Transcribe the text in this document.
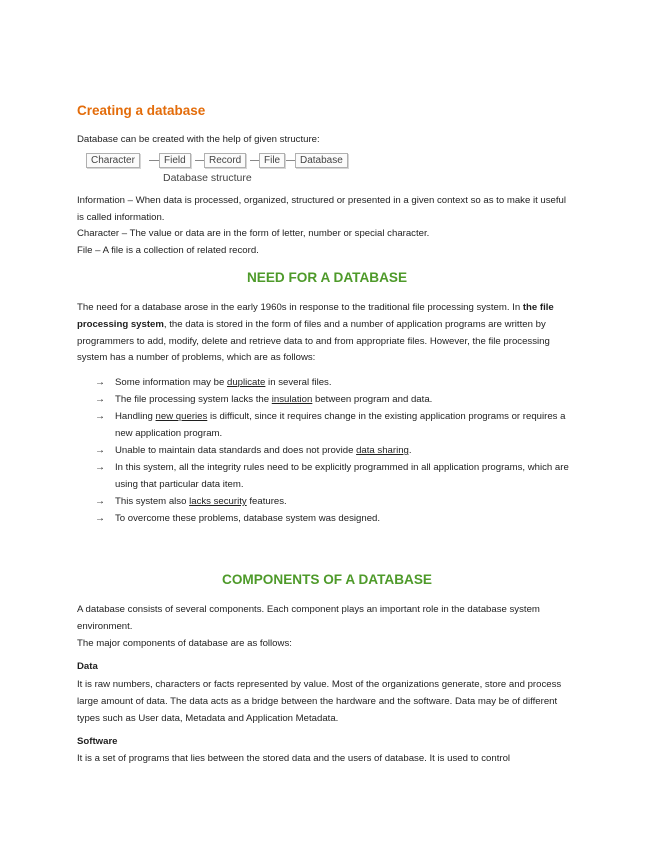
Creating a database

Database can be created with the help of given structure:

Character	Field	Record	File	Database
Database structure

Information – When data is processed, organized, structured or presented in a given context so as to make it useful is called information.

Character – The value or data are in the form of letter, number or special character.

File – A file is a collection of related record.

NEED FOR A DATABASE

The need for a database arose in the early 1960s in response to the traditional file processing system. In the file processing system, the data is stored in the form of files and a number of application programs are written by programmers to add, modify, delete and retrieve data to and from appropriate files. However, the file processing system has a number of problems, which are as follows:

→ Some information may be duplicate in several files.
→ The file processing system lacks the insulation between program and data.
→ Handling new queries is difficult, since it requires change in the existing application programs or requires a new application program.
→ Unable to maintain data standards and does not provide data sharing.
→ In this system, all the integrity rules need to be explicitly programmed in all application programs, which are using that particular data item.
→ This system also lacks security features.
→ To overcome these problems, database system was designed.
COMPONENTS OF A DATABASE

A database consists of several components. Each component plays an important role in the database system environment.

The major components of database are as follows:

Data

It is raw numbers, characters or facts represented by value. Most of the organizations generate, store and process large amount of data. The data acts as a bridge between the hardware and the software. Data may be of different types such as User data, Metadata and Application Metadata.

Software

It is a set of programs that lies between the stored data and the users of database. It is used to control
